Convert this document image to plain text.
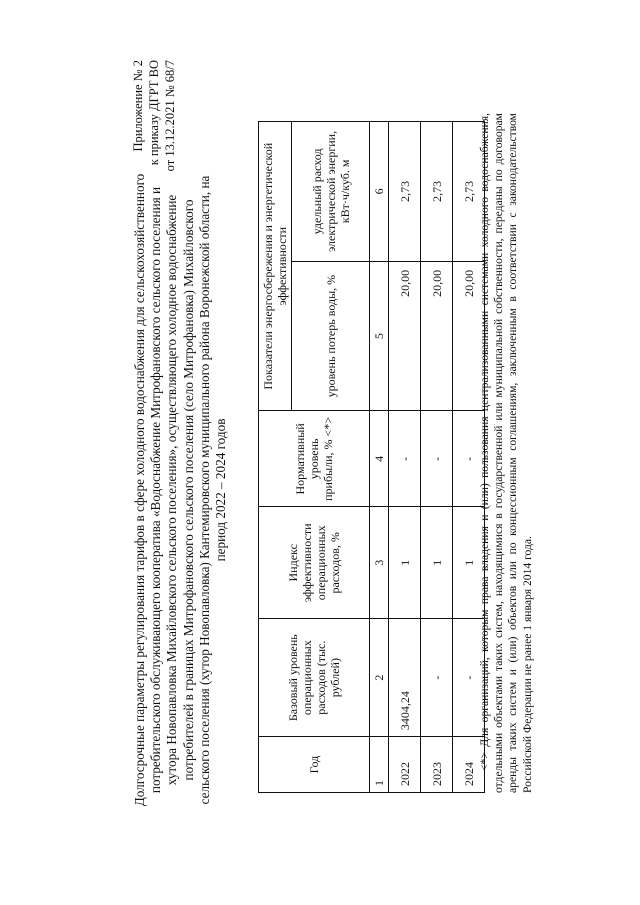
Приложение № 2 к приказу ДГРТ ВО от 13.12.2021 № 68/7
Долгосрочные параметры регулирования тарифов в сфере холодного водоснабжения для сельскохозяйственного потребительского обслуживающего кооператива «Водоснабжение Митрофановского сельского поселения и хутора Новопавловка Михайловского сельского поселения», осуществляющего холодное водоснабжение потребителей в границах Митрофановского сельского поселения (село Митрофановка) Михайловского сельского поселения (хутор Новопавловка) Кантемировского муниципального района Воронежской области, на период 2022 – 2024 годов
Год	Базовый уровень операционных расходов (тыс. рублей)	Индекс эффективности операционных расходов, %	Нормативный уровень прибыли, % <*>	Показатели энергосбережения и энергетической эффективности	
				уровень потерь воды, %	удельный расход электрической энергии, кВт·ч/куб. м
1	2	3	4	5	6
2022	3404,24	1	-	20,00	2,73
2023	-	1	-	20,00	2,73
2024	-	1	-	20,00	2,73 <*> Для организаций, которым права владения и (или) пользования централизованными системами холодного водоснабжения, отдельными объектами таких систем, находящимися в государственной или муниципальной собственности, переданы по договорам аренды таких систем и (или) объектов или по концессионным соглашениям, заключенным в соответствии с законодательством Российской Федерации не ранее 1 января 2014 года.
